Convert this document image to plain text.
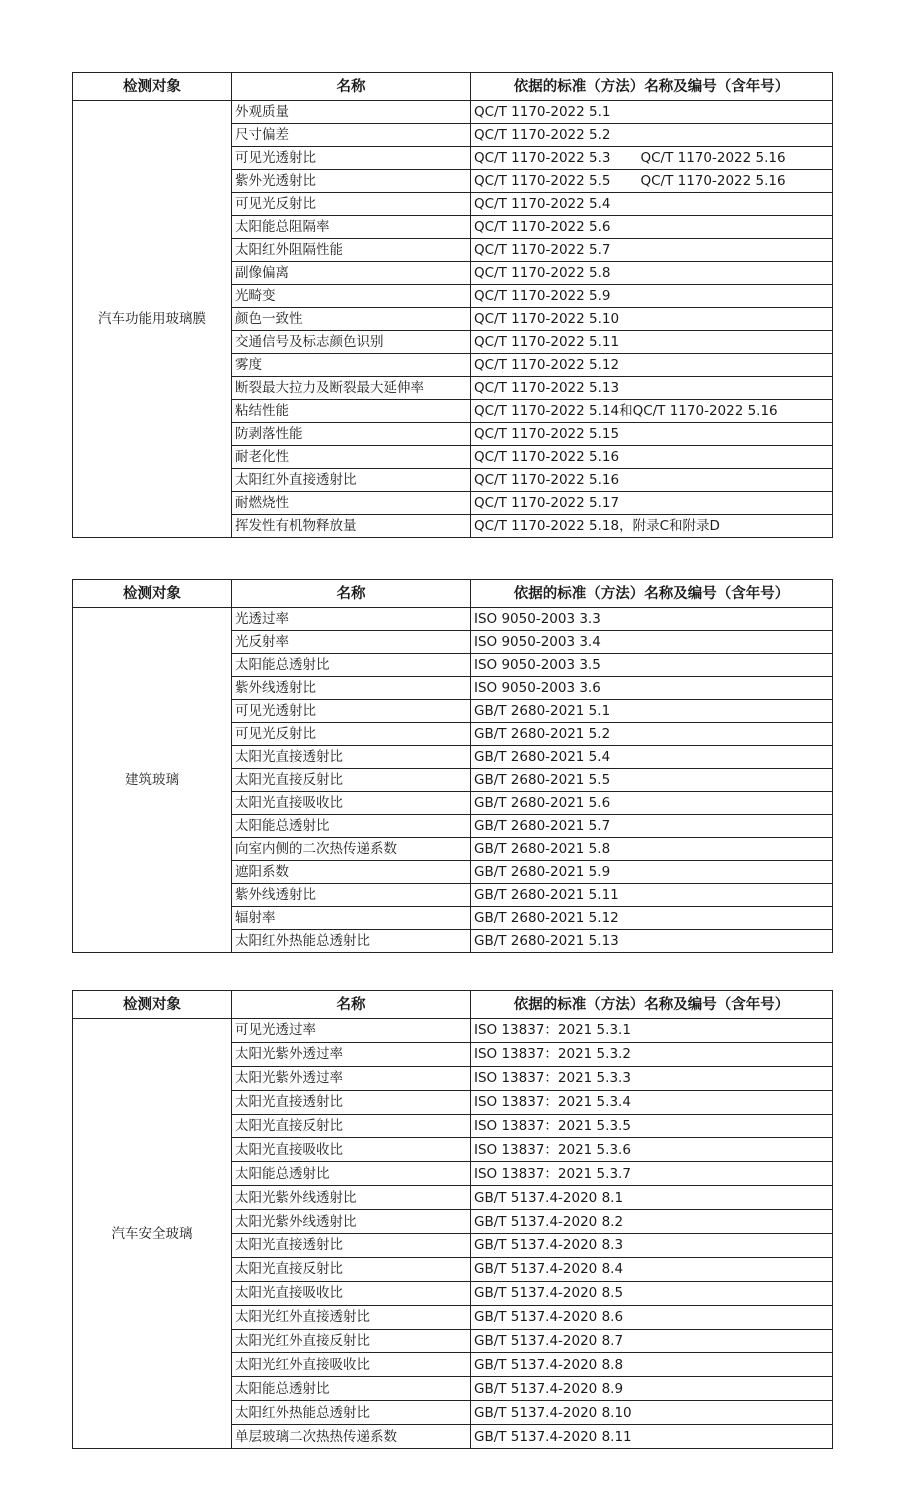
检测对象	名称	依据的标准（方法）名称及编号（含年号）
汽车功能用玻璃膜	外观质量	QC/T 1170-2022 5.1
	尺寸偏差	QC/T 1170-2022 5.2
	可见光透射比	QC/T 1170-2022 5.3 QC/T 1170-2022 5.16
	紫外光透射比	QC/T 1170-2022 5.5 QC/T 1170-2022 5.16
	可见光反射比	QC/T 1170-2022 5.4
	太阳能总阻隔率	QC/T 1170-2022 5.6
	太阳红外阻隔性能	QC/T 1170-2022 5.7
	副像偏离	QC/T 1170-2022 5.8
	光畸变	QC/T 1170-2022 5.9
	颜色一致性	QC/T 1170-2022 5.10
	交通信号及标志颜色识别	QC/T 1170-2022 5.11
	雾度	QC/T 1170-2022 5.12
	断裂最大拉力及断裂最大延伸率	QC/T 1170-2022 5.13
	粘结性能	QC/T 1170-2022 5.14和QC/T 1170-2022 5.16
	防剥落性能	QC/T 1170-2022 5.15
	耐老化性	QC/T 1170-2022 5.16
	太阳红外直接透射比	QC/T 1170-2022 5.16
	耐燃烧性	QC/T 1170-2022 5.17
	挥发性有机物释放量	QC/T 1170-2022 5.18，附录C和附录D
检测对象	名称	依据的标准（方法）名称及编号（含年号）
建筑玻璃	光透过率	ISO 9050-2003 3.3
	光反射率	ISO 9050-2003 3.4
	太阳能总透射比	ISO 9050-2003 3.5
	紫外线透射比	ISO 9050-2003 3.6
	可见光透射比	GB/T 2680-2021 5.1
	可见光反射比	GB/T 2680-2021 5.2
	太阳光直接透射比	GB/T 2680-2021 5.4
	太阳光直接反射比	GB/T 2680-2021 5.5
	太阳光直接吸收比	GB/T 2680-2021 5.6
	太阳能总透射比	GB/T 2680-2021 5.7
	向室内侧的二次热传递系数	GB/T 2680-2021 5.8
	遮阳系数	GB/T 2680-2021 5.9
	紫外线透射比	GB/T 2680-2021 5.11
	辐射率	GB/T 2680-2021 5.12
	太阳红外热能总透射比	GB/T 2680-2021 5.13
检测对象	名称	依据的标准（方法）名称及编号（含年号）
汽车安全玻璃	可见光透过率	ISO 13837：2021 5.3.1
	太阳光紫外透过率	ISO 13837：2021 5.3.2
	太阳光紫外透过率	ISO 13837：2021 5.3.3
	太阳光直接透射比	ISO 13837：2021 5.3.4
	太阳光直接反射比	ISO 13837：2021 5.3.5
	太阳光直接吸收比	ISO 13837：2021 5.3.6
	太阳能总透射比	ISO 13837：2021 5.3.7
	太阳光紫外线透射比	GB/T 5137.4-2020 8.1
	太阳光紫外线透射比	GB/T 5137.4-2020 8.2
	太阳光直接透射比	GB/T 5137.4-2020 8.3
	太阳光直接反射比	GB/T 5137.4-2020 8.4
	太阳光直接吸收比	GB/T 5137.4-2020 8.5
	太阳光红外直接透射比	GB/T 5137.4-2020 8.6
	太阳光红外直接反射比	GB/T 5137.4-2020 8.7
	太阳光红外直接吸收比	GB/T 5137.4-2020 8.8
	太阳能总透射比	GB/T 5137.4-2020 8.9
	太阳红外热能总透射比	GB/T 5137.4-2020 8.10
	单层玻璃二次热热传递系数	GB/T 5137.4-2020 8.11
